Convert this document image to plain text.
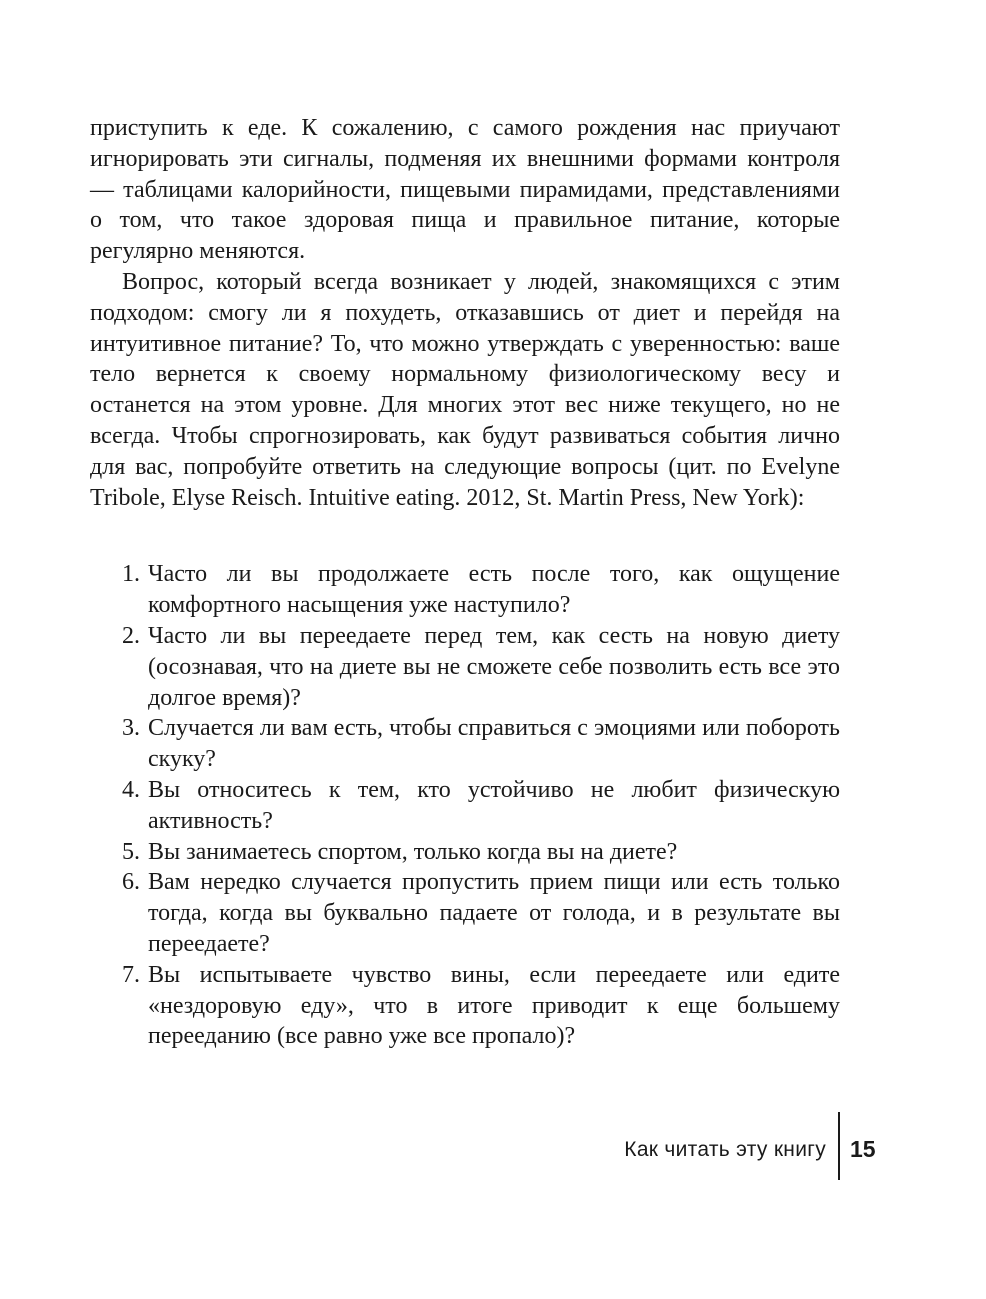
приступить к еде. К сожалению, с самого рождения нас приучают игнорировать эти сигналы, подменяя их внешними формами контроля — таблицами калорийности, пищевыми пирамидами, представлениями о том, что такое здоровая пища и правильное питание, которые регулярно меняются.

Вопрос, который всегда возникает у людей, знакомящихся с этим подходом: смогу ли я похудеть, отказавшись от диет и перейдя на интуитивное питание? То, что можно утверждать с уверенностью: ваше тело вернется к своему нормальному физиологическому весу и останется на этом уровне. Для многих этот вес ниже текущего, но не всегда. Чтобы спрогнозировать, как будут развиваться события лично для вас, попробуйте ответить на следующие вопросы (цит. по Evelyne Tribole, Elyse Reisch. Intuitive eating. 2012, St. Martin Press, New York):

1. Часто ли вы продолжаете есть после того, как ощущение комфортного насыщения уже наступило?
2. Часто ли вы переедаете перед тем, как сесть на новую диету (осознавая, что на диете вы не сможете себе позволить есть все это долгое время)?
3. Случается ли вам есть, чтобы справиться с эмоциями или побороть скуку?
4. Вы относитесь к тем, кто устойчиво не любит физическую активность?
5. Вы занимаетесь спортом, только когда вы на диете?
6. Вам нередко случается пропустить прием пищи или есть только тогда, когда вы буквально падаете от голода, и в результате вы переедаете?
7. Вы испытываете чувство вины, если переедаете или едите «нездоровую еду», что в итоге приводит к еще большему перееданию (все равно уже все пропало)?
Как читать эту книгу 15
